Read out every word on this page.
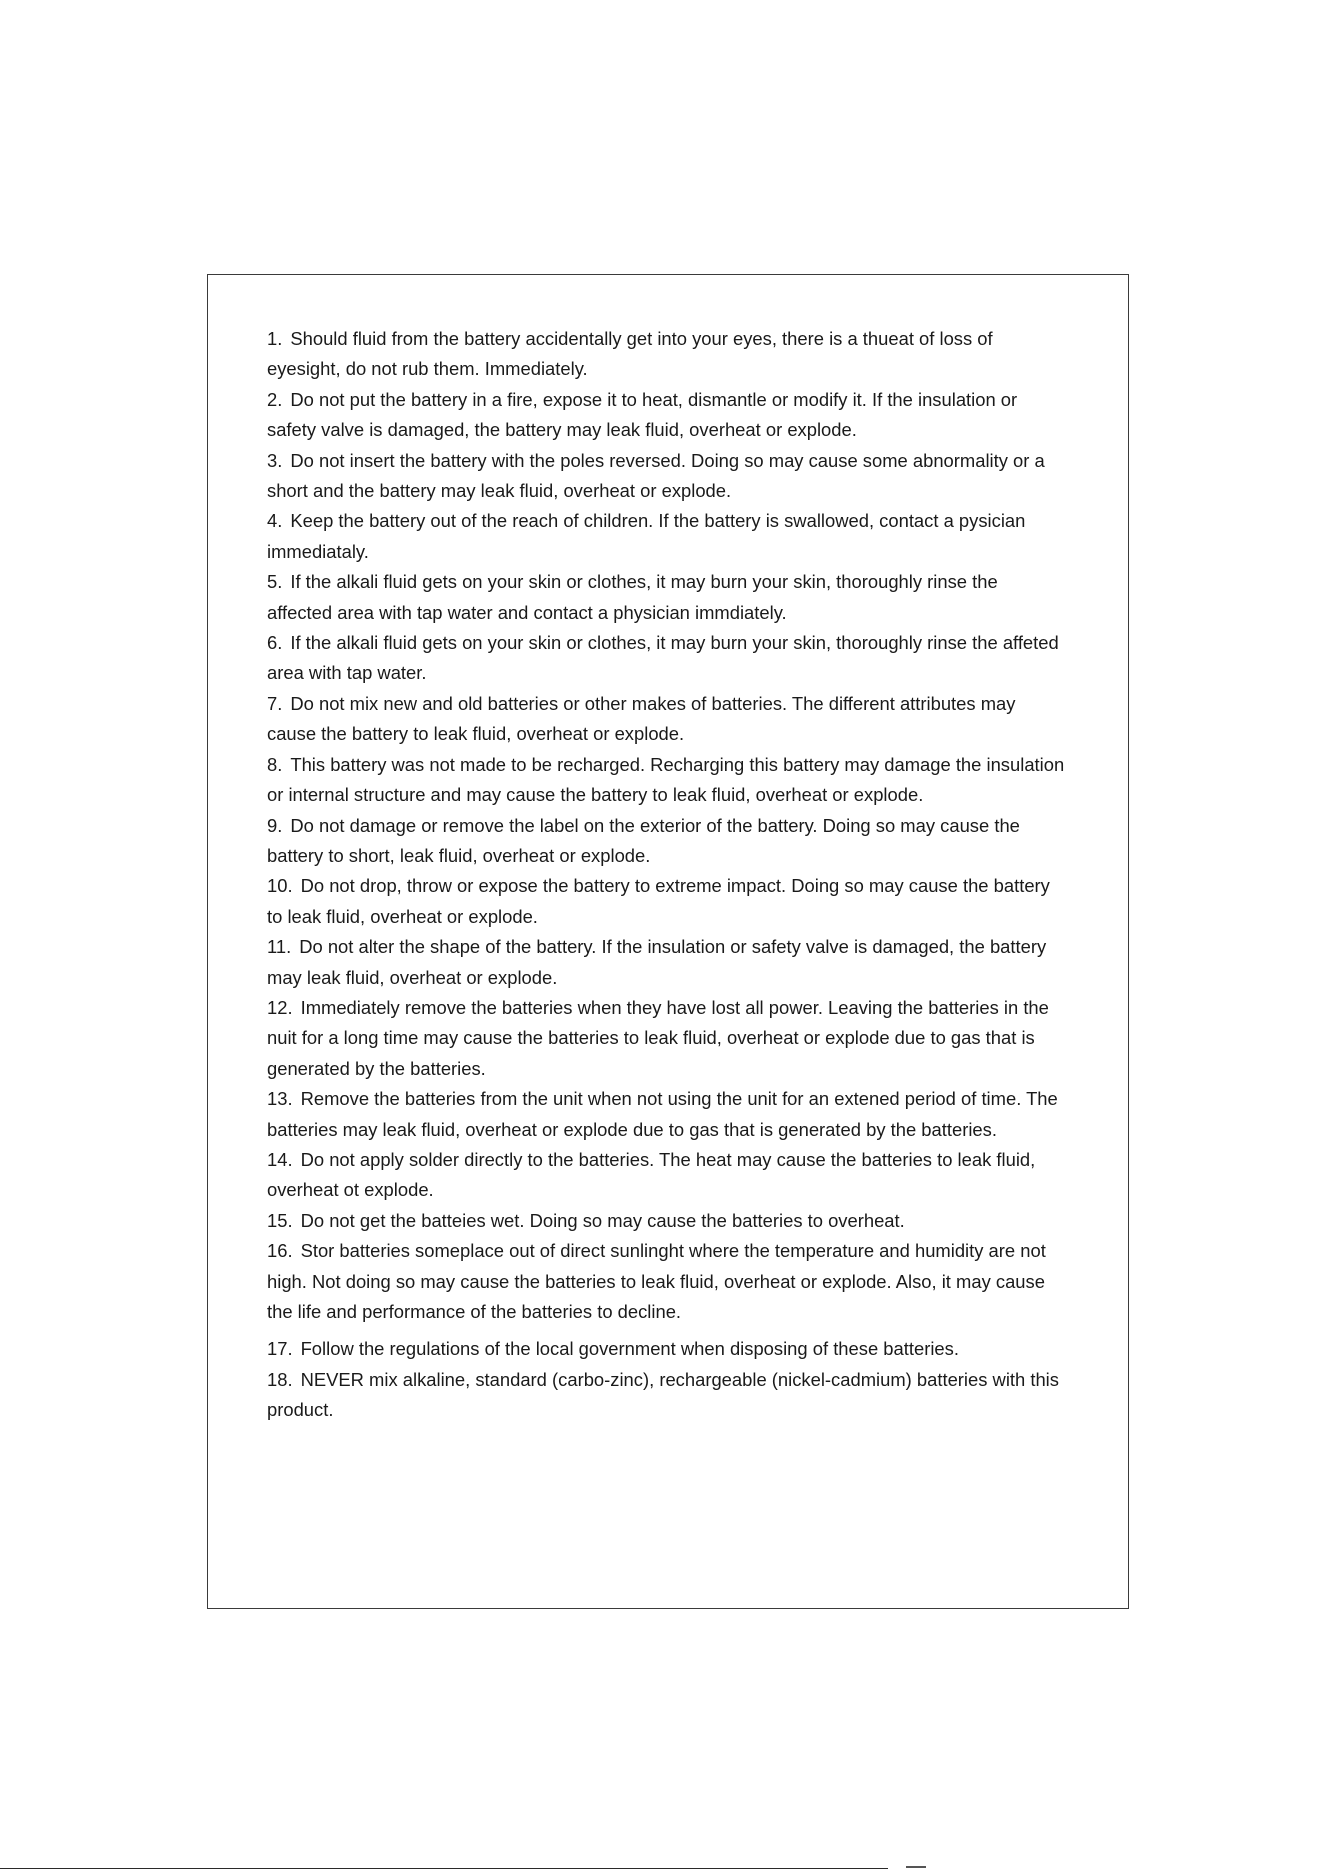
1. Should fluid from the battery accidentally get into your eyes, there is a thueat of loss of eyesight, do not rub them. Immediately.
2. Do not put the battery in a fire, expose it to heat, dismantle or modify it. If the insulation or safety valve is damaged, the battery may leak fluid, overheat or explode.
3. Do not insert the battery with the poles reversed. Doing so may cause some abnormality or a short and the battery may leak fluid, overheat or explode.
4. Keep the battery out of the reach of children. If the battery is swallowed, contact a pysician immediataly.
5. If the alkali fluid gets on your skin or clothes, it may burn your skin, thoroughly rinse the affected area with tap water and contact a physician immdiately.
6. If the alkali fluid gets on your skin or clothes, it may burn your skin, thoroughly rinse the affeted area with tap water.
7. Do not mix new and old batteries or other makes of batteries. The different attributes may cause the battery to leak fluid, overheat or explode.
8. This battery was not made to be recharged. Recharging this battery may damage the insulation or internal structure and may cause the battery to leak fluid, overheat or explode.
9. Do not damage or remove the label on the exterior of the battery. Doing so may cause the battery to short, leak fluid, overheat or explode.
10. Do not drop, throw or expose the battery to extreme impact. Doing so may cause the battery to leak fluid, overheat or explode.
11. Do not alter the shape of the battery. If the insulation or safety valve is damaged, the battery may leak fluid, overheat or explode.
12. Immediately remove the batteries when they have lost all power. Leaving the batteries in the nuit for a long time may cause the batteries to leak fluid, overheat or explode due to gas that is generated by the batteries.
13. Remove the batteries from the unit when not using the unit for an extened period of time. The batteries may leak fluid, overheat or explode due to gas that is generated by the batteries.
14. Do not apply solder directly to the batteries. The heat may cause the batteries to leak fluid, overheat ot explode.
15. Do not get the batteies wet. Doing so may cause the batteries to overheat.
16. Stor batteries someplace out of direct sunlinght where the temperature and humidity are not high. Not doing so may cause the batteries to leak fluid, overheat or explode. Also, it may cause the life and performance of the batteries to decline.
17. Follow the regulations of the local government when disposing of these batteries.
18. NEVER mix alkaline, standard (carbo-zinc), rechargeable (nickel-cadmium) batteries with this product.
